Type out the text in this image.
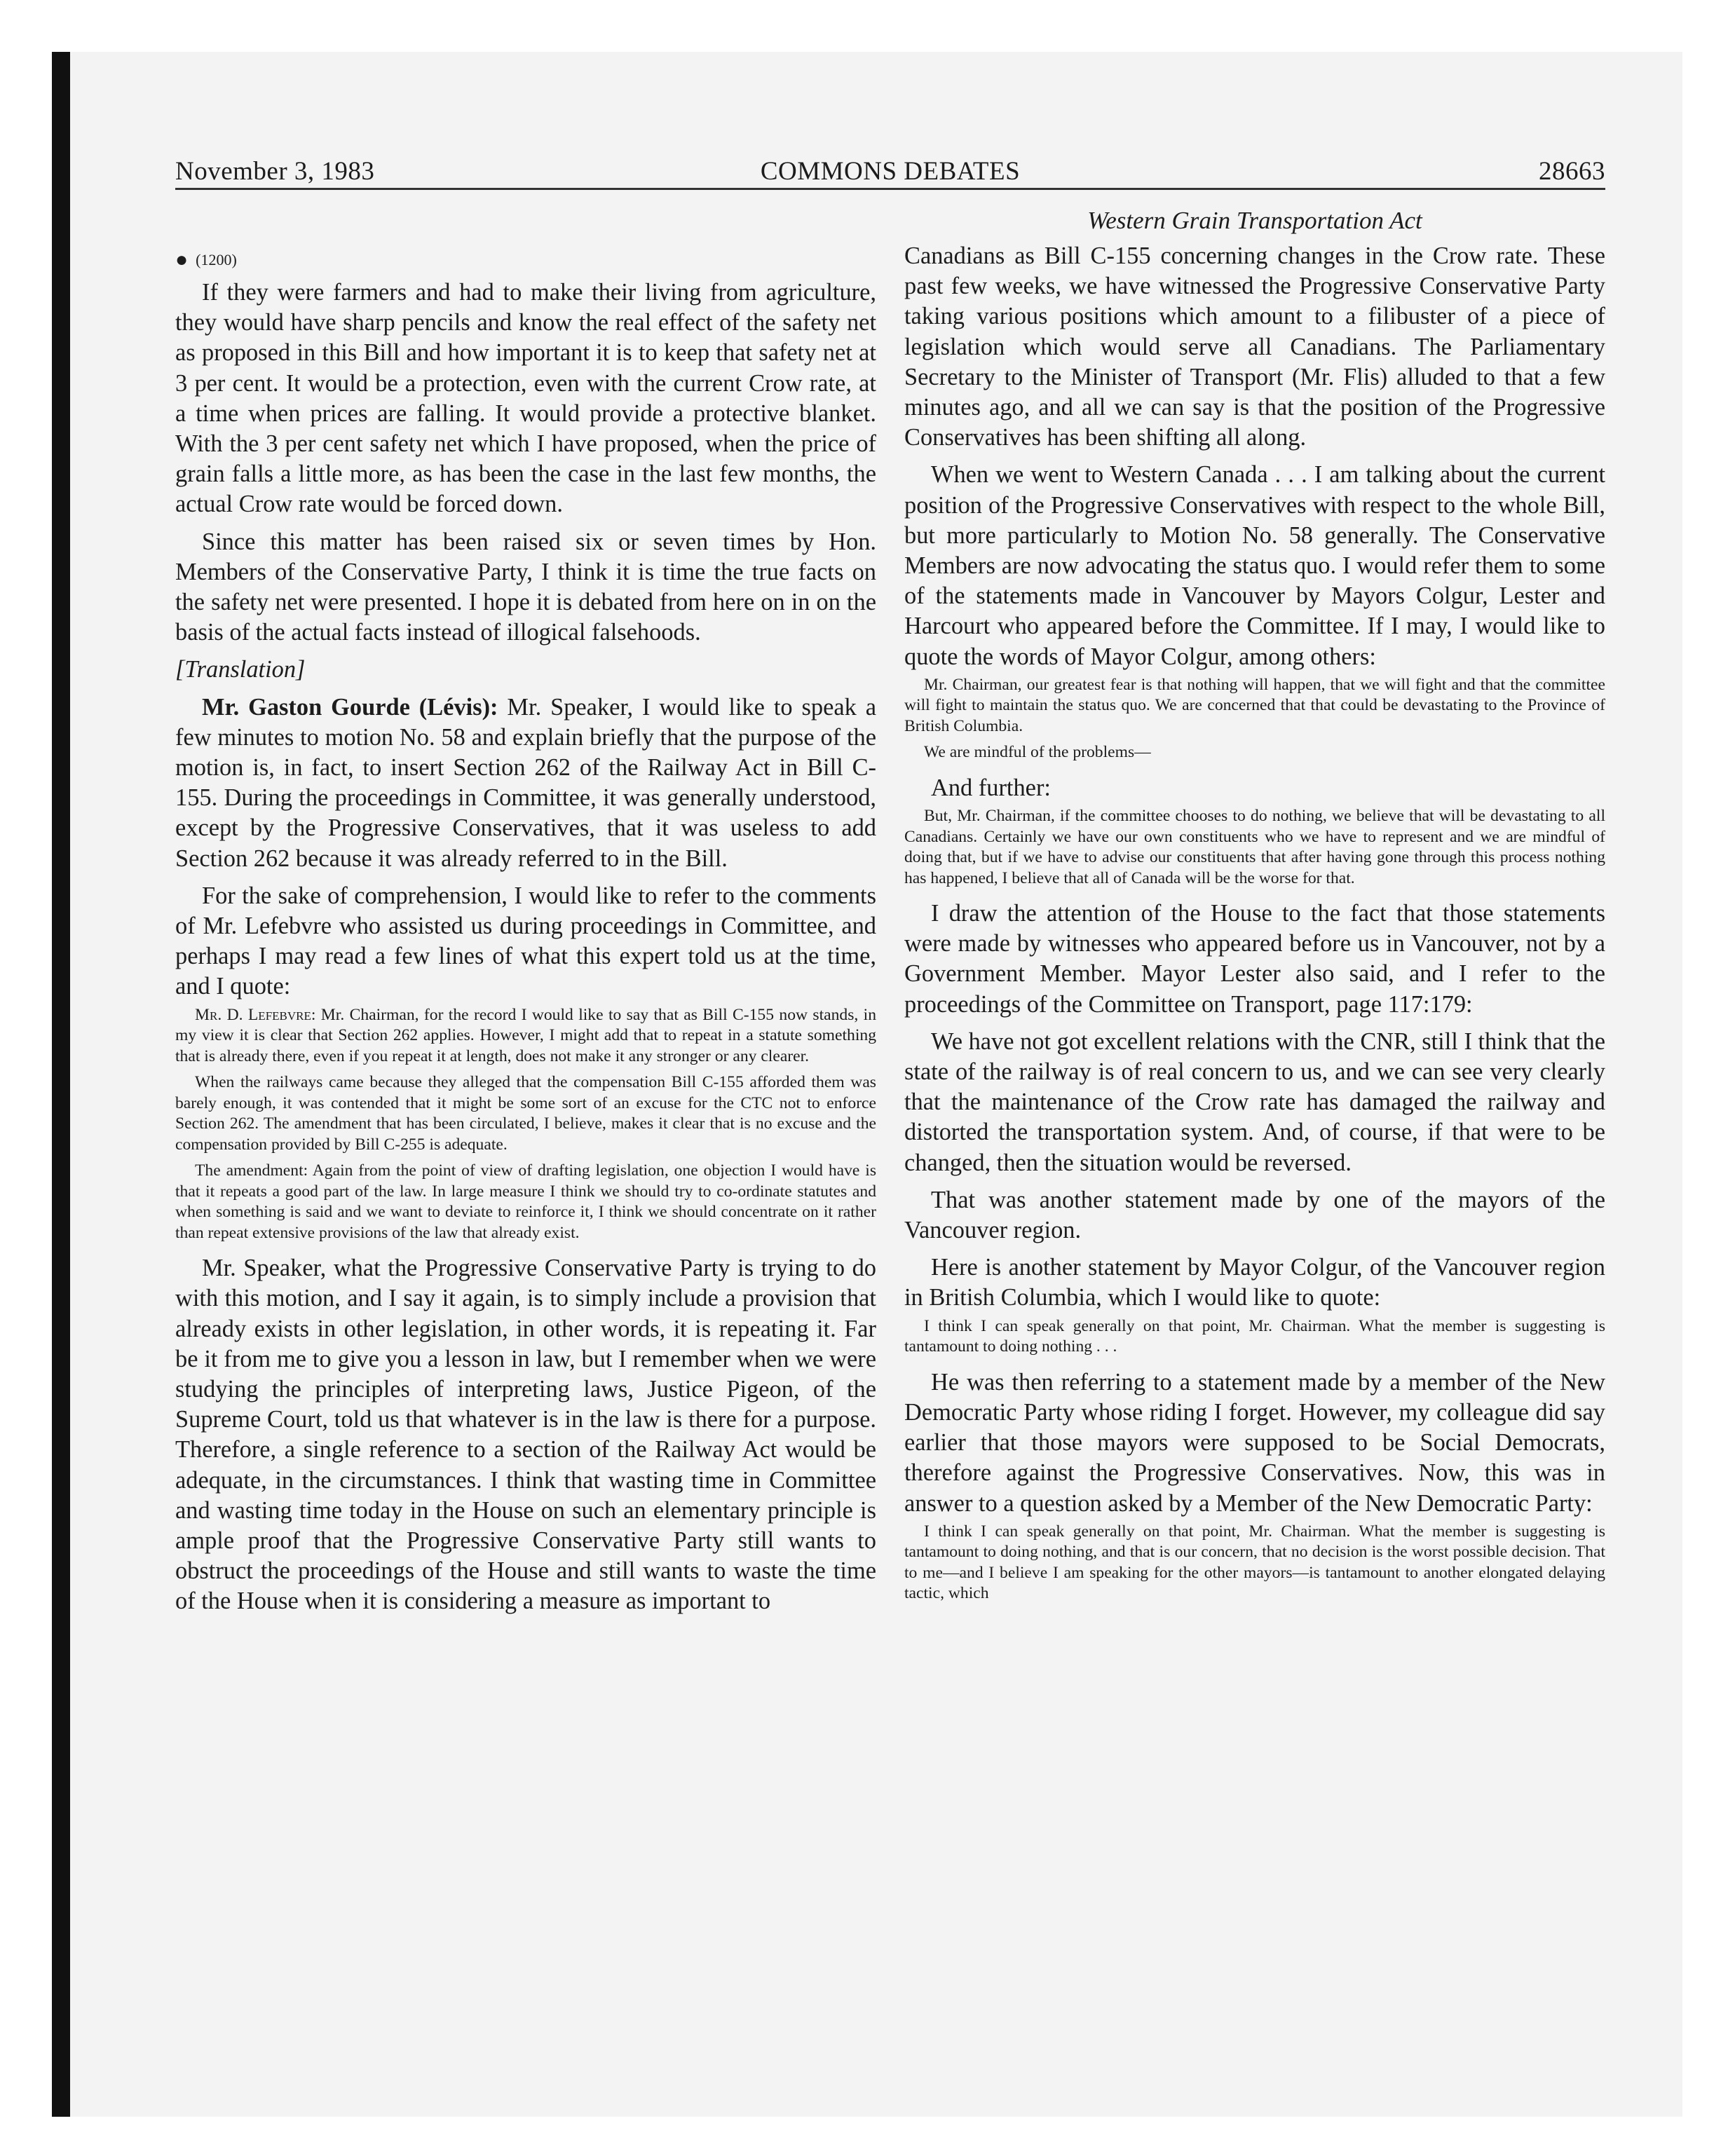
COMMONS DEBATES
November 3, 1983	28663
Western Grain Transportation Act
● (1200)

If they were farmers and had to make their living from agriculture, they would have sharp pencils and know the real effect of the safety net as proposed in this Bill and how important it is to keep that safety net at 3 per cent. It would be a protection, even with the current Crow rate, at a time when prices are falling. It would provide a protective blanket. With the 3 per cent safety net which I have proposed, when the price of grain falls a little more, as has been the case in the last few months, the actual Crow rate would be forced down.

Since this matter has been raised six or seven times by Hon. Members of the Conservative Party, I think it is time the true facts on the safety net were presented. I hope it is debated from here on in on the basis of the actual facts instead of illogical falsehoods.

[Translation]

Mr. Gaston Gourde (Lévis): Mr. Speaker, I would like to speak a few minutes to motion No. 58 and explain briefly that the purpose of the motion is, in fact, to insert Section 262 of the Railway Act in Bill C-155. During the proceedings in Committee, it was generally understood, except by the Progressive Conservatives, that it was useless to add Section 262 because it was already referred to in the Bill.

For the sake of comprehension, I would like to refer to the comments of Mr. Lefebvre who assisted us during proceedings in Committee, and perhaps I may read a few lines of what this expert told us at the time, and I quote:

Mr. D. Lefebvre: Mr. Chairman, for the record I would like to say that as Bill C-155 now stands, in my view it is clear that Section 262 applies. However, I might add that to repeat in a statute something that is already there, even if you repeat it at length, does not make it any stronger or any clearer.

When the railways came because they alleged that the compensation Bill C-155 afforded them was barely enough, it was contended that it might be some sort of an excuse for the CTC not to enforce Section 262. The amendment that has been circulated, I believe, makes it clear that is no excuse and the compensation provided by Bill C-255 is adequate.

The amendment: Again from the point of view of drafting legislation, one objection I would have is that it repeats a good part of the law. In large measure I think we should try to co-ordinate statutes and when something is said and we want to deviate to reinforce it, I think we should concentrate on it rather than repeat extensive provisions of the law that already exist.

Mr. Speaker, what the Progressive Conservative Party is trying to do with this motion, and I say it again, is to simply include a provision that already exists in other legislation, in other words, it is repeating it. Far be it from me to give you a lesson in law, but I remember when we were studying the principles of interpreting laws, Justice Pigeon, of the Supreme Court, told us that whatever is in the law is there for a purpose. Therefore, a single reference to a section of the Railway Act would be adequate, in the circumstances. I think that wasting time in Committee and wasting time today in the House on such an elementary principle is ample proof that the Progressive Conservative Party still wants to obstruct the proceedings of the House and still wants to waste the time of the House when it is considering a measure as important to

Canadians as Bill C-155 concerning changes in the Crow rate. These past few weeks, we have witnessed the Progressive Conservative Party taking various positions which amount to a filibuster of a piece of legislation which would serve all Canadians. The Parliamentary Secretary to the Minister of Transport (Mr. Flis) alluded to that a few minutes ago, and all we can say is that the position of the Progressive Conservatives has been shifting all along.

When we went to Western Canada . . . I am talking about the current position of the Progressive Conservatives with respect to the whole Bill, but more particularly to Motion No. 58 generally. The Conservative Members are now advocating the status quo. I would refer them to some of the statements made in Vancouver by Mayors Colgur, Lester and Harcourt who appeared before the Committee. If I may, I would like to quote the words of Mayor Colgur, among others:

Mr. Chairman, our greatest fear is that nothing will happen, that we will fight and that the committee will fight to maintain the status quo. We are concerned that that could be devastating to the Province of British Columbia.

We are mindful of the problems—

And further:

But, Mr. Chairman, if the committee chooses to do nothing, we believe that will be devastating to all Canadians. Certainly we have our own constituents who we have to represent and we are mindful of doing that, but if we have to advise our constituents that after having gone through this process nothing has happened, I believe that all of Canada will be the worse for that.

I draw the attention of the House to the fact that those statements were made by witnesses who appeared before us in Vancouver, not by a Government Member. Mayor Lester also said, and I refer to the proceedings of the Committee on Transport, page 117:179:

We have not got excellent relations with the CNR, still I think that the state of the railway is of real concern to us, and we can see very clearly that the maintenance of the Crow rate has damaged the railway and distorted the transportation system. And, of course, if that were to be changed, then the situation would be reversed.

That was another statement made by one of the mayors of the Vancouver region.

Here is another statement by Mayor Colgur, of the Vancouver region in British Columbia, which I would like to quote:

I think I can speak generally on that point, Mr. Chairman. What the member is suggesting is tantamount to doing nothing . . .

He was then referring to a statement made by a member of the New Democratic Party whose riding I forget. However, my colleague did say earlier that those mayors were supposed to be Social Democrats, therefore against the Progressive Conservatives. Now, this was in answer to a question asked by a Member of the New Democratic Party:

I think I can speak generally on that point, Mr. Chairman. What the member is suggesting is tantamount to doing nothing, and that is our concern, that no decision is the worst possible decision. That to me—and I believe I am speaking for the other mayors—is tantamount to another elongated delaying tactic, which
